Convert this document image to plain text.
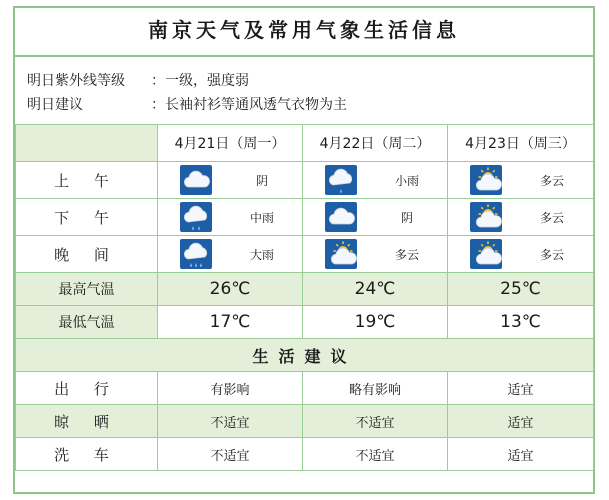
南京天气及常用气象生活信息
明日紫外线等级 ：一级，强度弱
明日建议	：长袖衬衫等通风透气衣物为主
	4月21日（周一）	4月22日（周二）	4月23日（周三）
上 午	阴	小雨	多云

下 午	中雨	阴	多云

晚 间	大雨	多云	多云

最高气温	26℃	24℃	25℃
最低气温	17℃	19℃	13℃
生活建议			
出 行	有影响	略有影响	适宜
晾 晒	不适宜	不适宜	适宜
洗 车	不适宜	不适宜	适宜
